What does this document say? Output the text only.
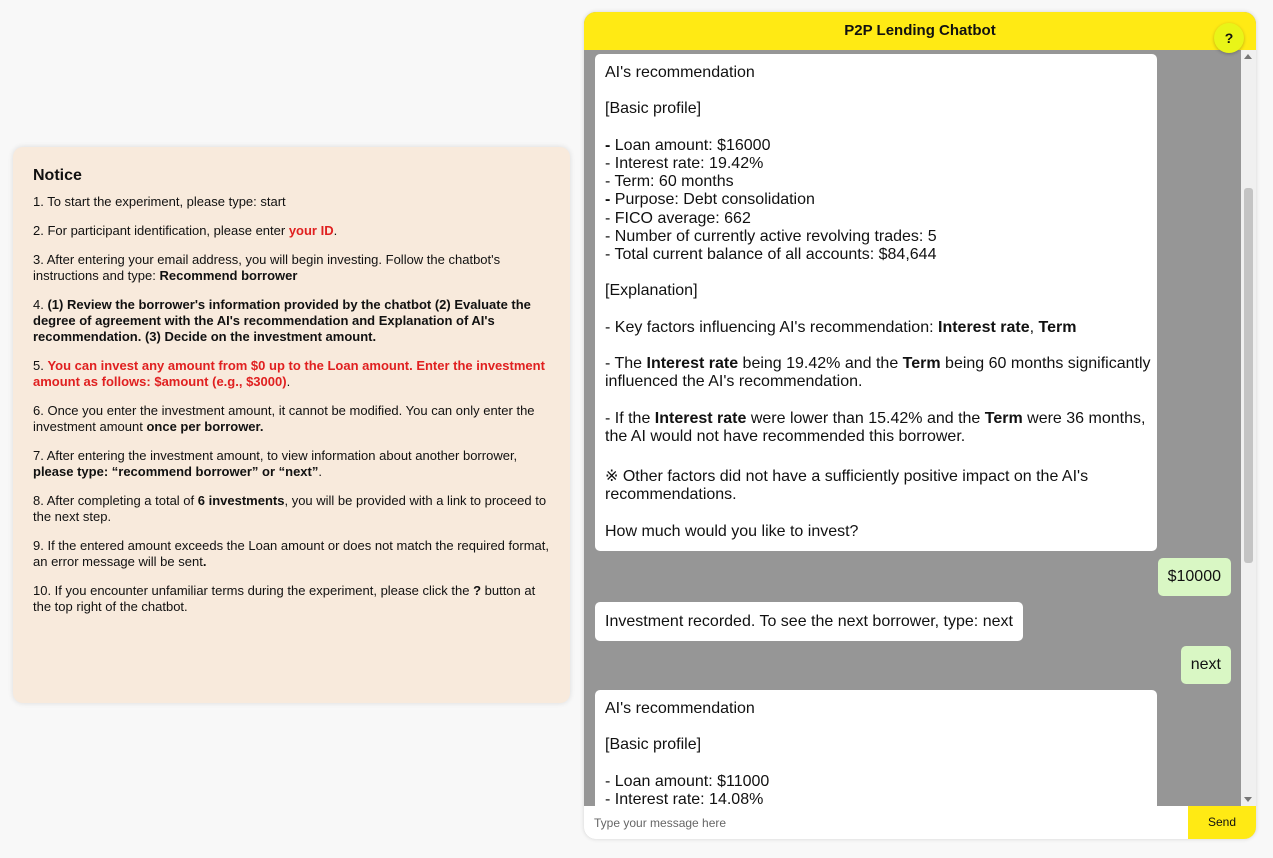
Notice
1. To start the experiment, please type: start
2. For participant identification, please enter your ID.
3. After entering your email address, you will begin investing. Follow the chatbot's instructions and type: Recommend borrower
4. (1) Review the borrower's information provided by the chatbot (2) Evaluate the degree of agreement with the AI's recommendation and Explanation of AI's recommendation. (3) Decide on the investment amount.
5. You can invest any amount from $0 up to the Loan amount. Enter the investment amount as follows: $amount (e.g., $3000).
6. Once you enter the investment amount, it cannot be modified. You can only enter the investment amount once per borrower.
7. After entering the investment amount, to view information about another borrower, please type: “recommend borrower” or “next”.
8. After completing a total of 6 investments, you will be provided with a link to proceed to the next step.
9. If the entered amount exceeds the Loan amount or does not match the required format, an error message will be sent.
10. If you encounter unfamiliar terms during the experiment, please click the ? button at the top right of the chatbot.
P2P Lending Chatbot	?
AI's recommendation
[Basic profile]
- Loan amount: $16000
- Interest rate: 19.42%
- Term: 60 months
- Purpose: Debt consolidation
- FICO average: 662
- Number of currently active revolving trades: 5
- Total current balance of all accounts: $84,644
[Explanation]
- Key factors influencing AI's recommendation: Interest rate, Term
- The Interest rate being 19.42% and the Term being 60 months significantly
influenced the AI's recommendation.
- If the Interest rate were lower than 15.42% and the Term were 36 months,
the AI would not have recommended this borrower.
※ Other factors did not have a sufficiently positive impact on the AI's
recommendations.
How much would you like to invest?
$10000
Investment recorded. To see the next borrower, type: next
next
AI's recommendation
[Basic profile]
- Loan amount: $11000
- Interest rate: 14.08%
Type your message here
Send
